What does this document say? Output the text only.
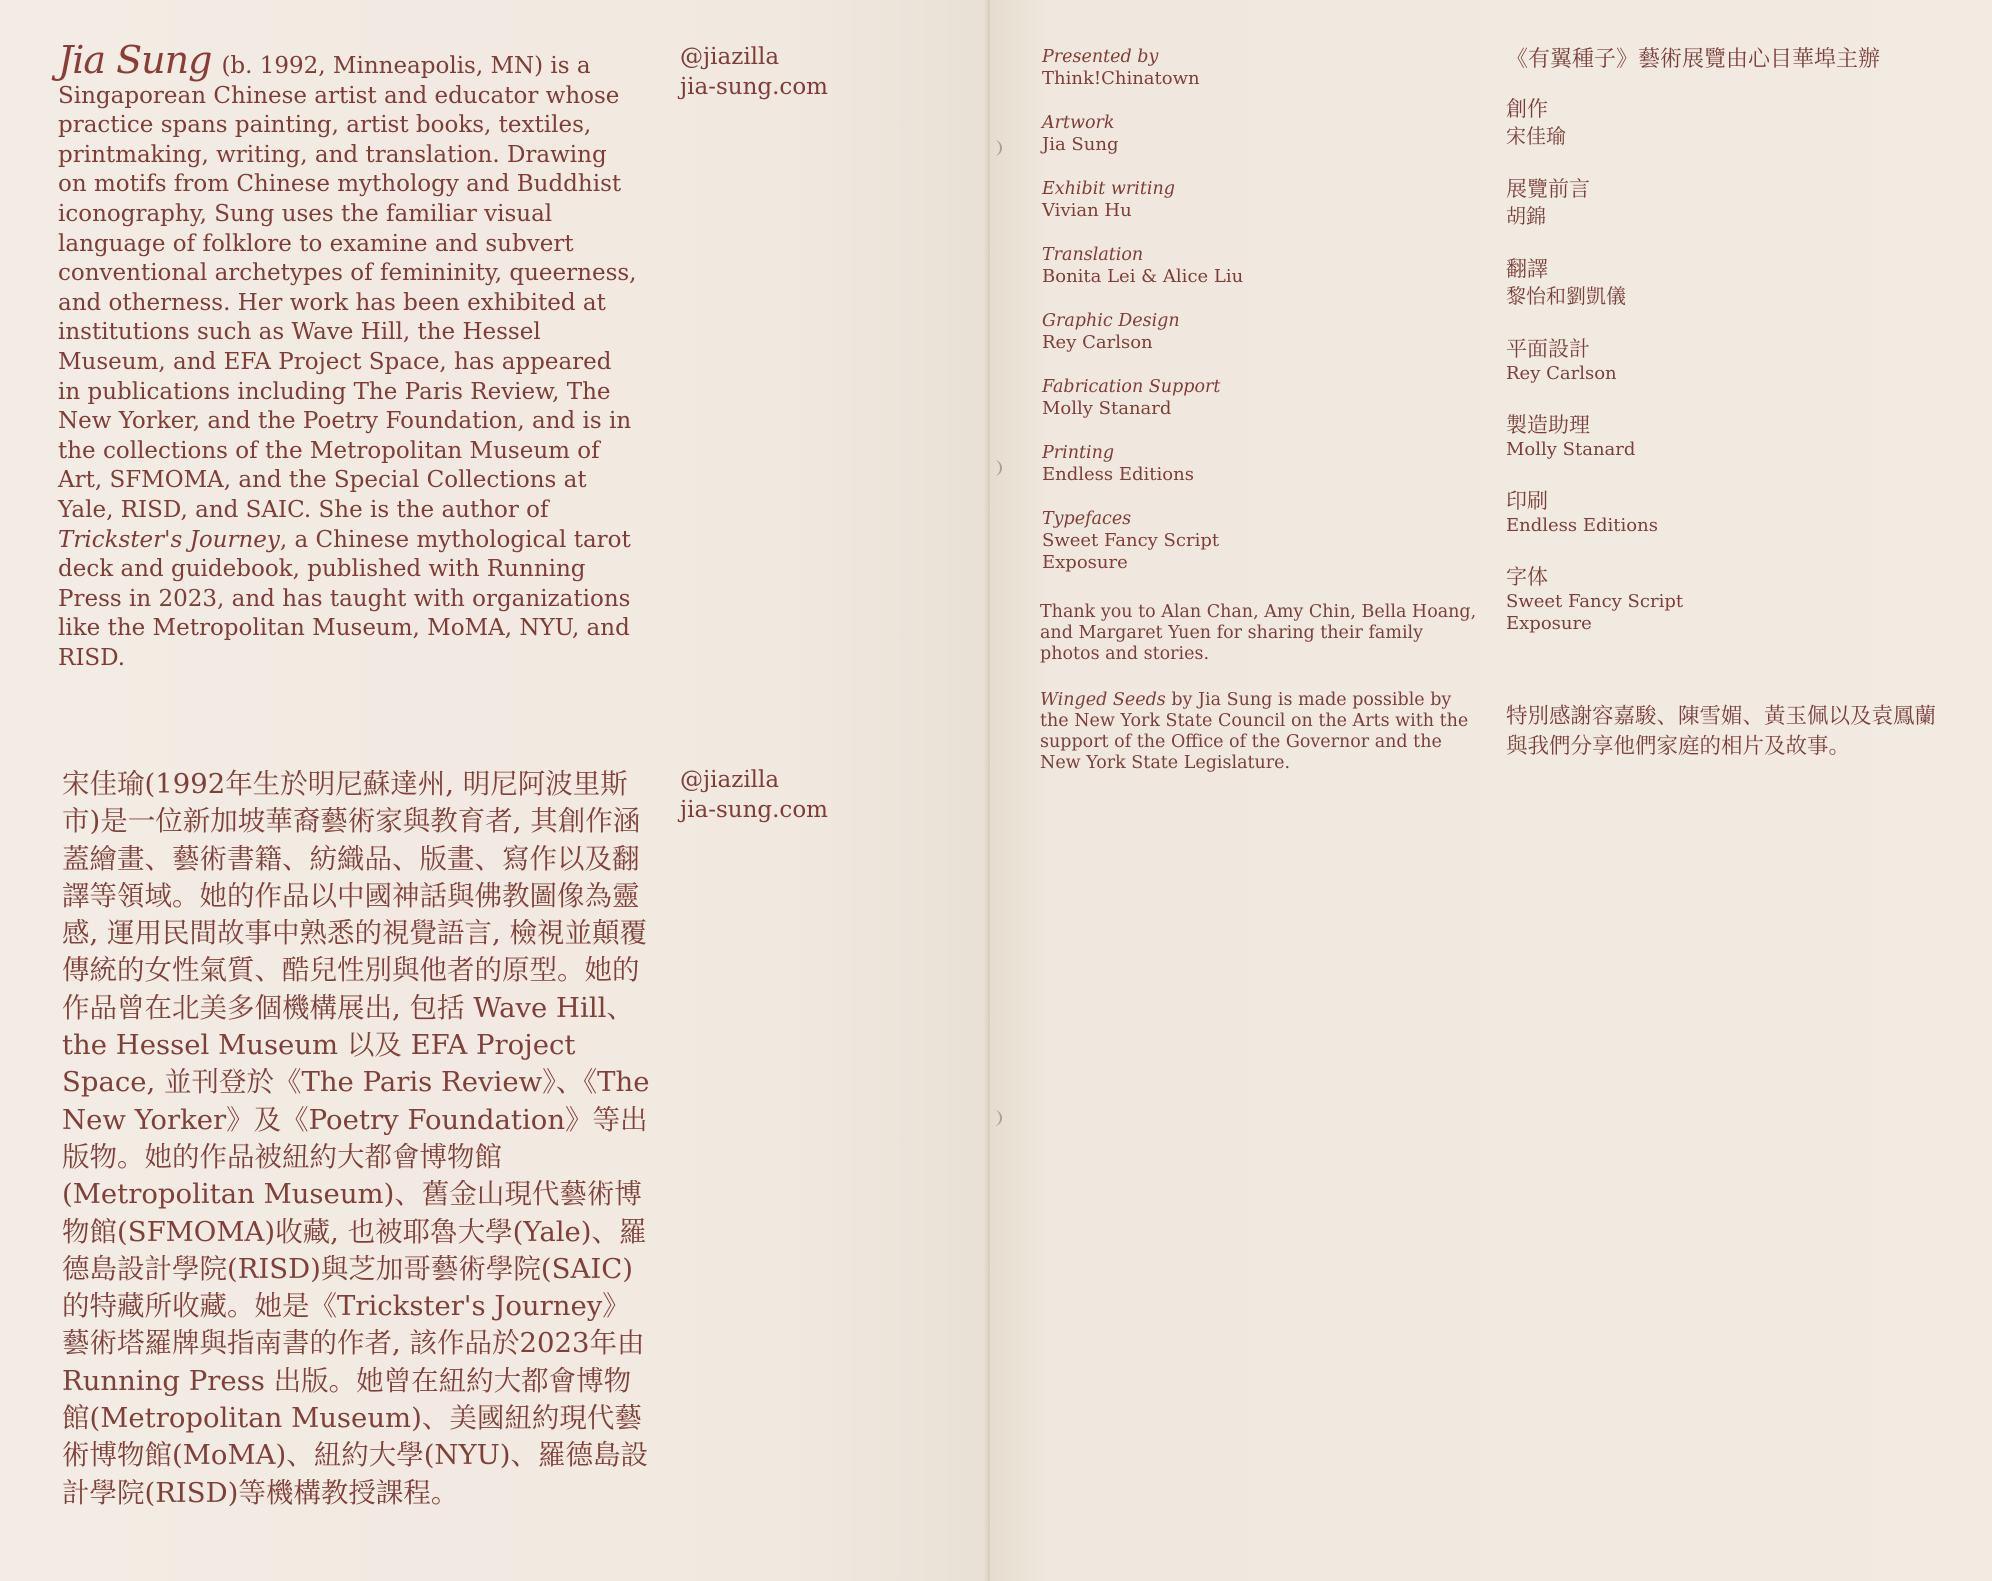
Jia Sung (b. 1992, Minneapolis, MN) is a Singaporean Chinese artist and educator whose practice spans painting, artist books, textiles, printmaking, writing, and translation. Drawing on motifs from Chinese mythology and Buddhist iconography, Sung uses the familiar visual language of folklore to examine and subvert conventional archetypes of femininity, queerness, and otherness. Her work has been exhibited at institutions such as Wave Hill, the Hessel Museum, and EFA Project Space, has appeared in publications including The Paris Review, The New Yorker, and the Poetry Foundation, and is in the collections of the Metropolitan Museum of Art, SFMOMA, and the Special Collections at Yale, RISD, and SAIC. She is the author of Trickster's Journey, a Chinese mythological tarot deck and guidebook, published with Running Press in 2023, and has taught with organizations like the Metropolitan Museum, MoMA, NYU, and RISD.
@jiazilla
jia-sung.com
宋佳瑜(1992年生於明尼蘇達州, 明尼阿波里斯市)是一位新加坡華裔藝術家與教育者, 其創作涵蓋繪畫、藝術書籍、紡織品、版畫、寫作以及翻譯等領域。她的作品以中國神話與佛教圖像為靈感, 運用民間故事中熟悉的視覺語言, 檢視並顛覆傳統的女性氣質、酷兒性別與他者的原型。她的作品曾在北美多個機構展出, 包括 Wave Hill、the Hessel Museum 以及 EFA Project Space, 並刊登於《The Paris Review》、《The New Yorker》及《Poetry Foundation》等出版物。她的作品被紐約大都會博物館(Metropolitan Museum)、舊金山現代藝術博物館(SFMOMA)收藏, 也被耶魯大學(Yale)、羅德島設計學院(RISD)與芝加哥藝術學院(SAIC)的特藏所收藏。她是《Trickster's Journey》藝術塔羅牌與指南書的作者, 該作品於2023年由 Running Press 出版。她曾在紐約大都會博物館(Metropolitan Museum)、美國紐約現代藝術博物館(MoMA)、紐約大學(NYU)、羅德島設計學院(RISD)等機構教授課程。
@jiazilla
jia-sung.com
Presented by
Think!Chinatown
Artwork
Jia Sung
Exhibit writing
Vivian Hu
Translation
Bonita Lei & Alice Liu
Graphic Design
Rey Carlson
Fabrication Support
Molly Stanard
Printing
Endless Editions
Typefaces
Sweet Fancy Script
Exposure
Thank you to Alan Chan, Amy Chin, Bella Hoang, and Margaret Yuen for sharing their family photos and stories.
Winged Seeds by Jia Sung is made possible by the New York State Council on the Arts with the support of the Office of the Governor and the New York State Legislature.
《有翼種子》藝術展覽由心目華埠主辦
創作
宋佳瑜
展覽前言
胡錦
翻譯
黎怡和劉凱儀
平面設計
Rey Carlson
製造助理
Molly Stanard
印刷
Endless Editions
字体
Sweet Fancy Script
Exposure
特別感謝容嘉駿、陳雪媚、黃玉佩以及袁鳳蘭與我們分享他們家庭的相片及故事。
